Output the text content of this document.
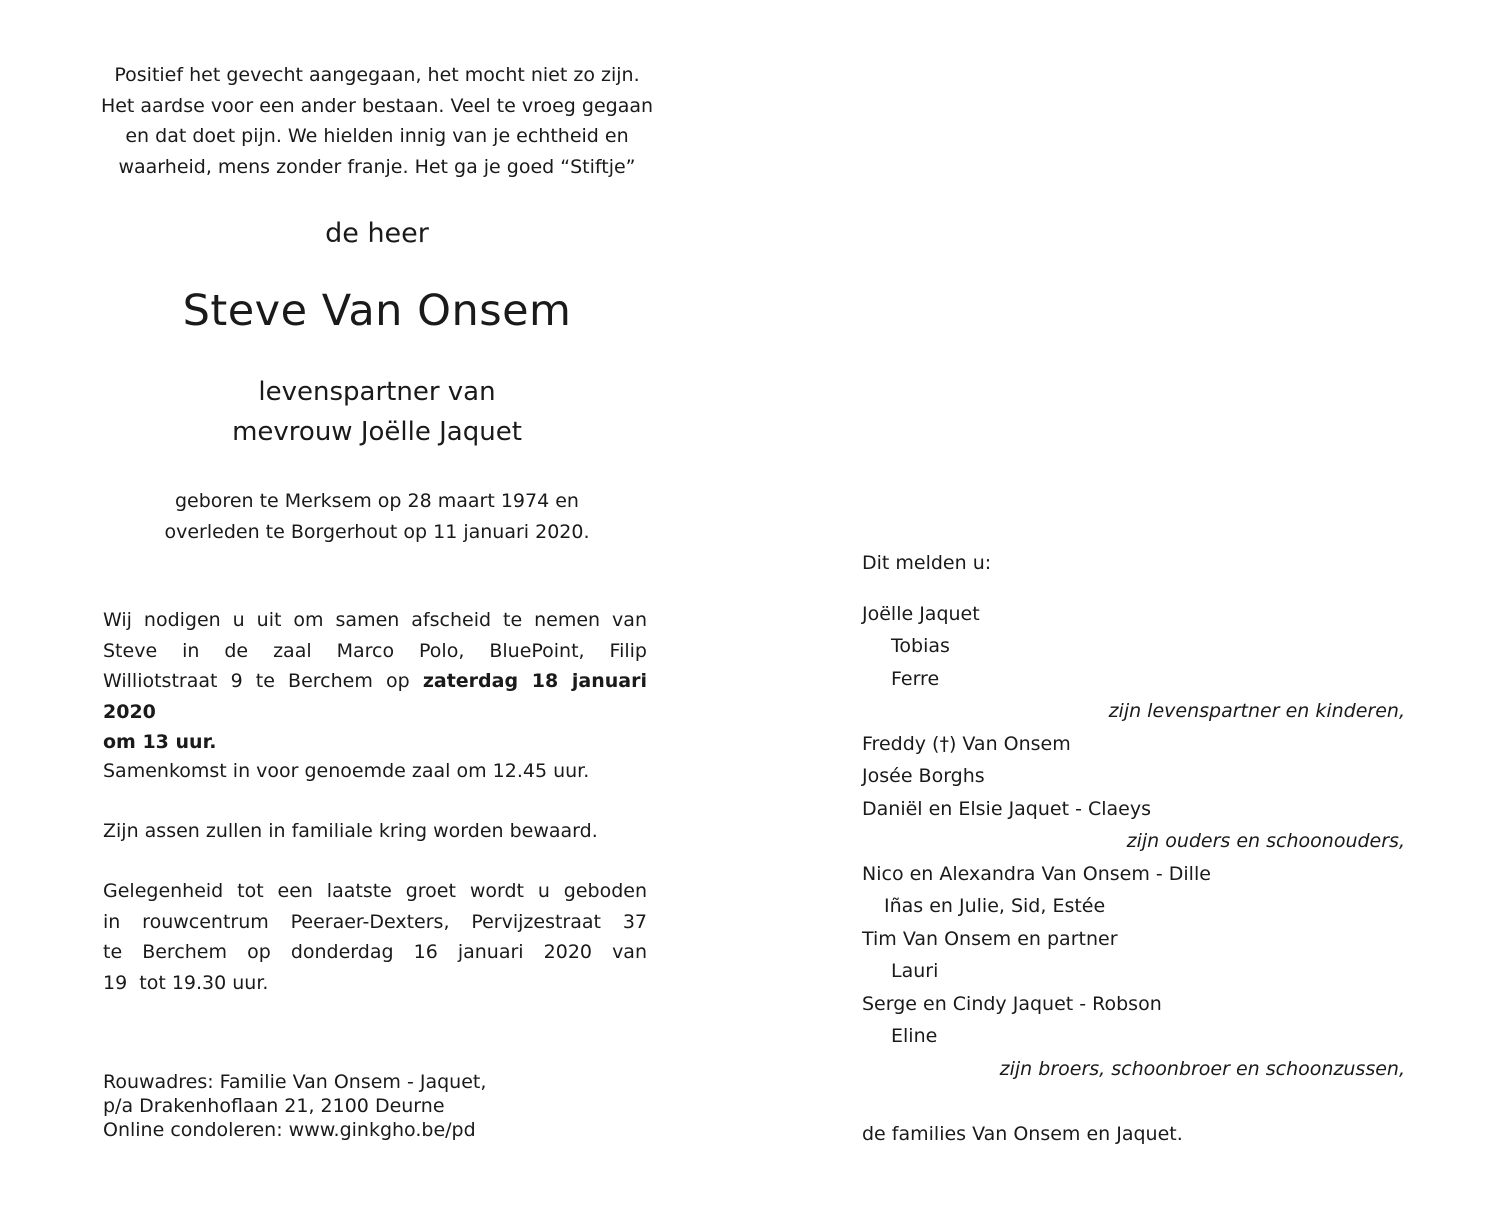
Positief het gevecht aangegaan, het mocht niet zo zijn.
Het aardse voor een ander bestaan. Veel te vroeg gegaan
en dat doet pijn. We hielden innig van je echtheid en
waarheid, mens zonder franje. Het ga je goed “Stiftje”
de heer
Steve Van Onsem
levenspartner van
mevrouw Joëlle Jaquet
geboren te Merksem op 28 maart 1974 en
overleden te Borgerhout op 11 januari 2020.
Wij nodigen u uit om samen afscheid te nemen van
Steve in de zaal Marco Polo, BluePoint, Filip
Williotstraat 9 te Berchem op zaterdag 18 januari 2020
om 13 uur.
Samenkomst in voor genoemde zaal om 12.45 uur.
Zijn assen zullen in familiale kring worden bewaard.
Gelegenheid tot een laatste groet wordt u geboden
in rouwcentrum Peeraer-Dexters, Pervijzestraat 37
te Berchem op donderdag 16 januari 2020 van
19  tot 19.30 uur.
Rouwadres: Familie Van Onsem - Jaquet,
p/a Drakenhoflaan 21, 2100 Deurne
Online condoleren: www.ginkgho.be/pd
Dit melden u:
Joëlle Jaquet
Tobias
Ferre
zijn levenspartner en kinderen,
Freddy (†) Van Onsem
Josée Borghs
Daniël en Elsie Jaquet - Claeys
zijn ouders en schoonouders,
Nico en Alexandra Van Onsem - Dille
Iñas en Julie, Sid, Estée
Tim Van Onsem en partner
Lauri
Serge en Cindy Jaquet - Robson
Eline
zijn broers, schoonbroer en schoonzussen,
de families Van Onsem en Jaquet.
